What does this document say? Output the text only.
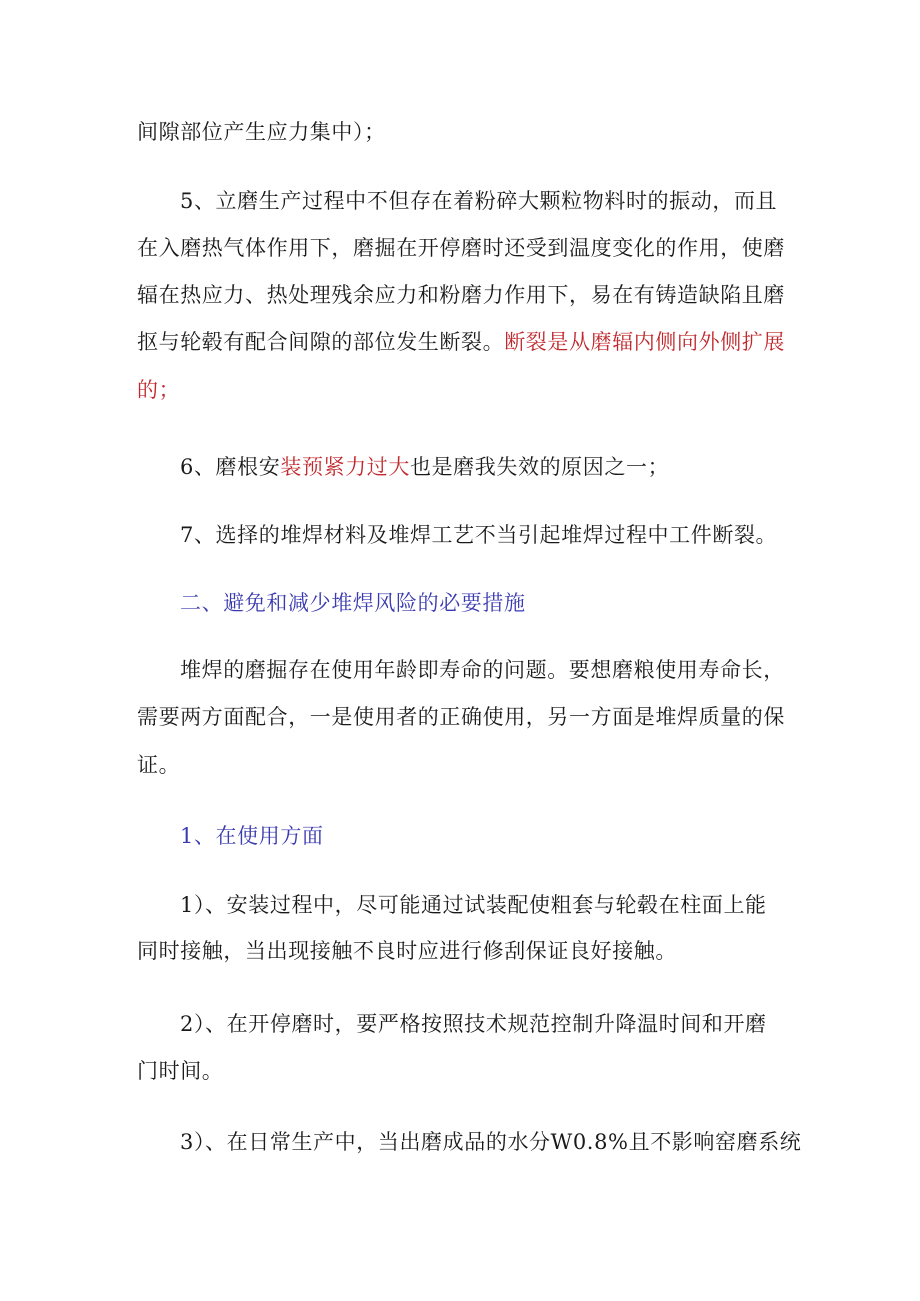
间隙部位产生应力集中）；
5、立磨生产过程中不但存在着粉碎大颗粒物料时的振动，而且
在入磨热气体作用下，磨掘在开停磨时还受到温度变化的作用，使磨
辐在热应力、热处理残余应力和粉磨力作用下，易在有铸造缺陷且磨
抠与轮毂有配合间隙的部位发生断裂。断裂是从磨辐内侧向外侧扩展
的；
6、磨根安装预紧力过大也是磨我失效的原因之一；
7、选择的堆焊材料及堆焊工艺不当引起堆焊过程中工件断裂。
二、避免和减少堆焊风险的必要措施
堆焊的磨掘存在使用年龄即寿命的问题。要想磨粮使用寿命长，
需要两方面配合，一是使用者的正确使用，另一方面是堆焊质量的保
证。
1、在使用方面
1）、安装过程中，尽可能通过试装配使粗套与轮毂在柱面上能
同时接触，当出现接触不良时应进行修刮保证良好接触。
2）、在开停磨时，要严格按照技术规范控制升降温时间和开磨
门时间。
3）、在日常生产中，当出磨成品的水分W0.8%且不影响窑磨系统
